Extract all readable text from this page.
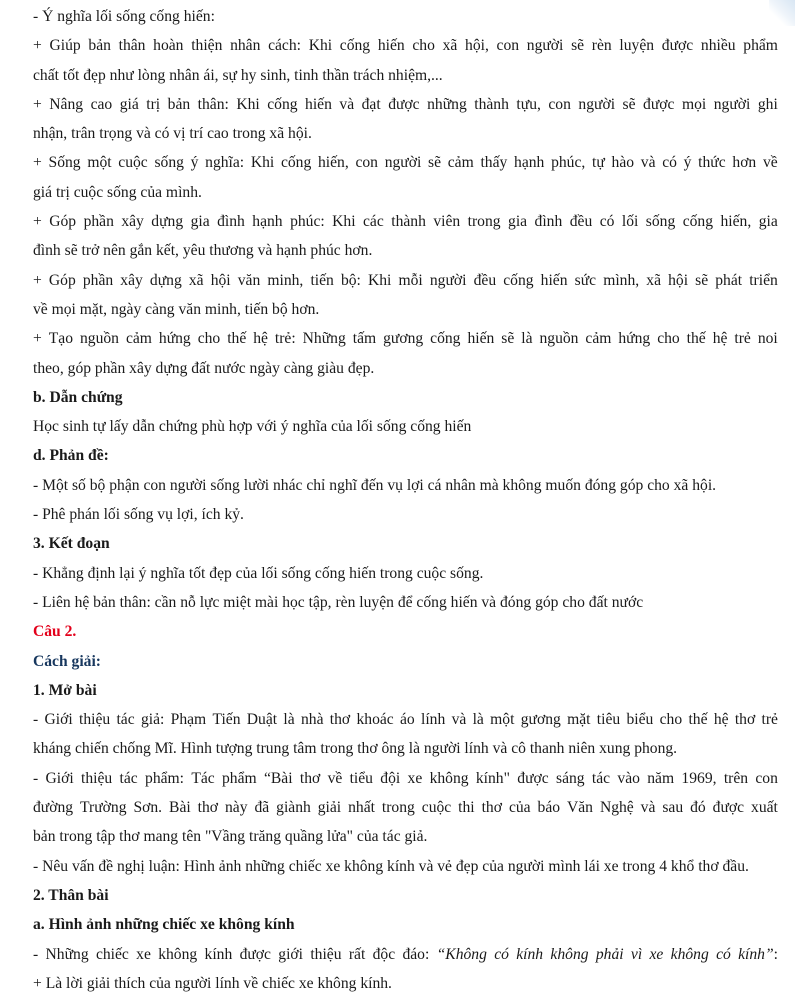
- Ý nghĩa lối sống cống hiến:
+ Giúp bản thân hoàn thiện nhân cách: Khi cống hiến cho xã hội, con người sẽ rèn luyện được nhiều phẩm
chất tốt đẹp như lòng nhân ái, sự hy sinh, tinh thần trách nhiệm,...
+ Nâng cao giá trị bản thân: Khi cống hiến và đạt được những thành tựu, con người sẽ được mọi người ghi
nhận, trân trọng và có vị trí cao trong xã hội.
+ Sống một cuộc sống ý nghĩa: Khi cống hiến, con người sẽ cảm thấy hạnh phúc, tự hào và có ý thức hơn về
giá trị cuộc sống của mình.
+ Góp phần xây dựng gia đình hạnh phúc: Khi các thành viên trong gia đình đều có lối sống cống hiến, gia
đình sẽ trở nên gắn kết, yêu thương và hạnh phúc hơn.
+ Góp phần xây dựng xã hội văn minh, tiến bộ: Khi mỗi người đều cống hiến sức mình, xã hội sẽ phát triển
về mọi mặt, ngày càng văn minh, tiến bộ hơn.
+ Tạo nguồn cảm hứng cho thế hệ trẻ: Những tấm gương cống hiến sẽ là nguồn cảm hứng cho thế hệ trẻ noi
theo, góp phần xây dựng đất nước ngày càng giàu đẹp.
b. Dẫn chứng
Học sinh tự lấy dẫn chứng phù hợp với ý nghĩa của lối sống cống hiến
d. Phản đề:
- Một số bộ phận con người sống lười nhác chỉ nghĩ đến vụ lợi cá nhân mà không muốn đóng góp cho xã hội.
- Phê phán lối sống vụ lợi, ích kỷ.
3. Kết đoạn
- Khẳng định lại ý nghĩa tốt đẹp của lối sống cống hiến trong cuộc sống.
- Liên hệ bản thân: cần nỗ lực miệt mài học tập, rèn luyện để cống hiến và đóng góp cho đất nước
Câu 2.
Cách giải:
1. Mở bài
- Giới thiệu tác giả: Phạm Tiến Duật là nhà thơ khoác áo lính và là một gương mặt tiêu biểu cho thế hệ thơ trẻ
kháng chiến chống Mĩ. Hình tượng trung tâm trong thơ ông là người lính và cô thanh niên xung phong.
- Giới thiệu tác phẩm: Tác phẩm “Bài thơ về tiểu đội xe không kính" được sáng tác vào năm 1969, trên con
đường Trường Sơn. Bài thơ này đã giành giải nhất trong cuộc thi thơ của báo Văn Nghệ và sau đó được xuất
bản trong tập thơ mang tên "Vầng trăng quầng lửa" của tác giả.
- Nêu vấn đề nghị luận: Hình ảnh những chiếc xe không kính và vẻ đẹp của người mình lái xe trong 4 khổ thơ đầu.
2. Thân bài
a. Hình ảnh những chiếc xe không kính
- Những chiếc xe không kính được giới thiệu rất độc đáo: “Không có kính không phải vì xe không có kính”:
+ Là lời giải thích của người lính về chiếc xe không kính.
